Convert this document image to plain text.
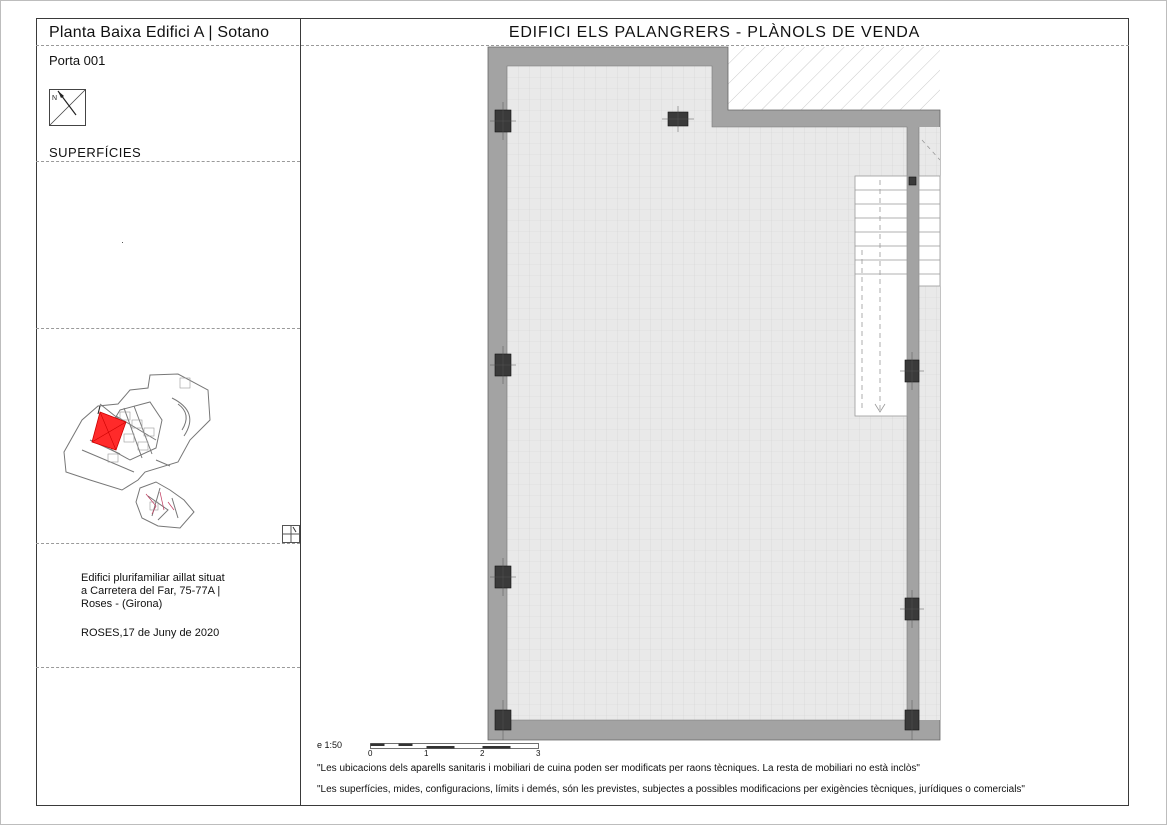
Planta Baixa Edifici A | Sotano	EDIFICI ELS PALANGRERS - PLÀNOLS DE VENDA
Porta 001
N
SUPERFÍCIES
Edifici plurifamiliar aillat situat
a Carretera del Far, 75-77A |
Roses - (Girona)
ROSES,17 de Juny de 2020
e 1:50
0	1	2	3
"Les ubicacions dels aparells sanitaris i mobiliari de cuina poden ser modificats per raons tècniques. La resta de mobiliari no està inclòs"
"Les superfícies, mides, configuracions, límits i demés, són les previstes, subjectes a possibles modificacions per exigències tècniques, jurídiques o comercials"
